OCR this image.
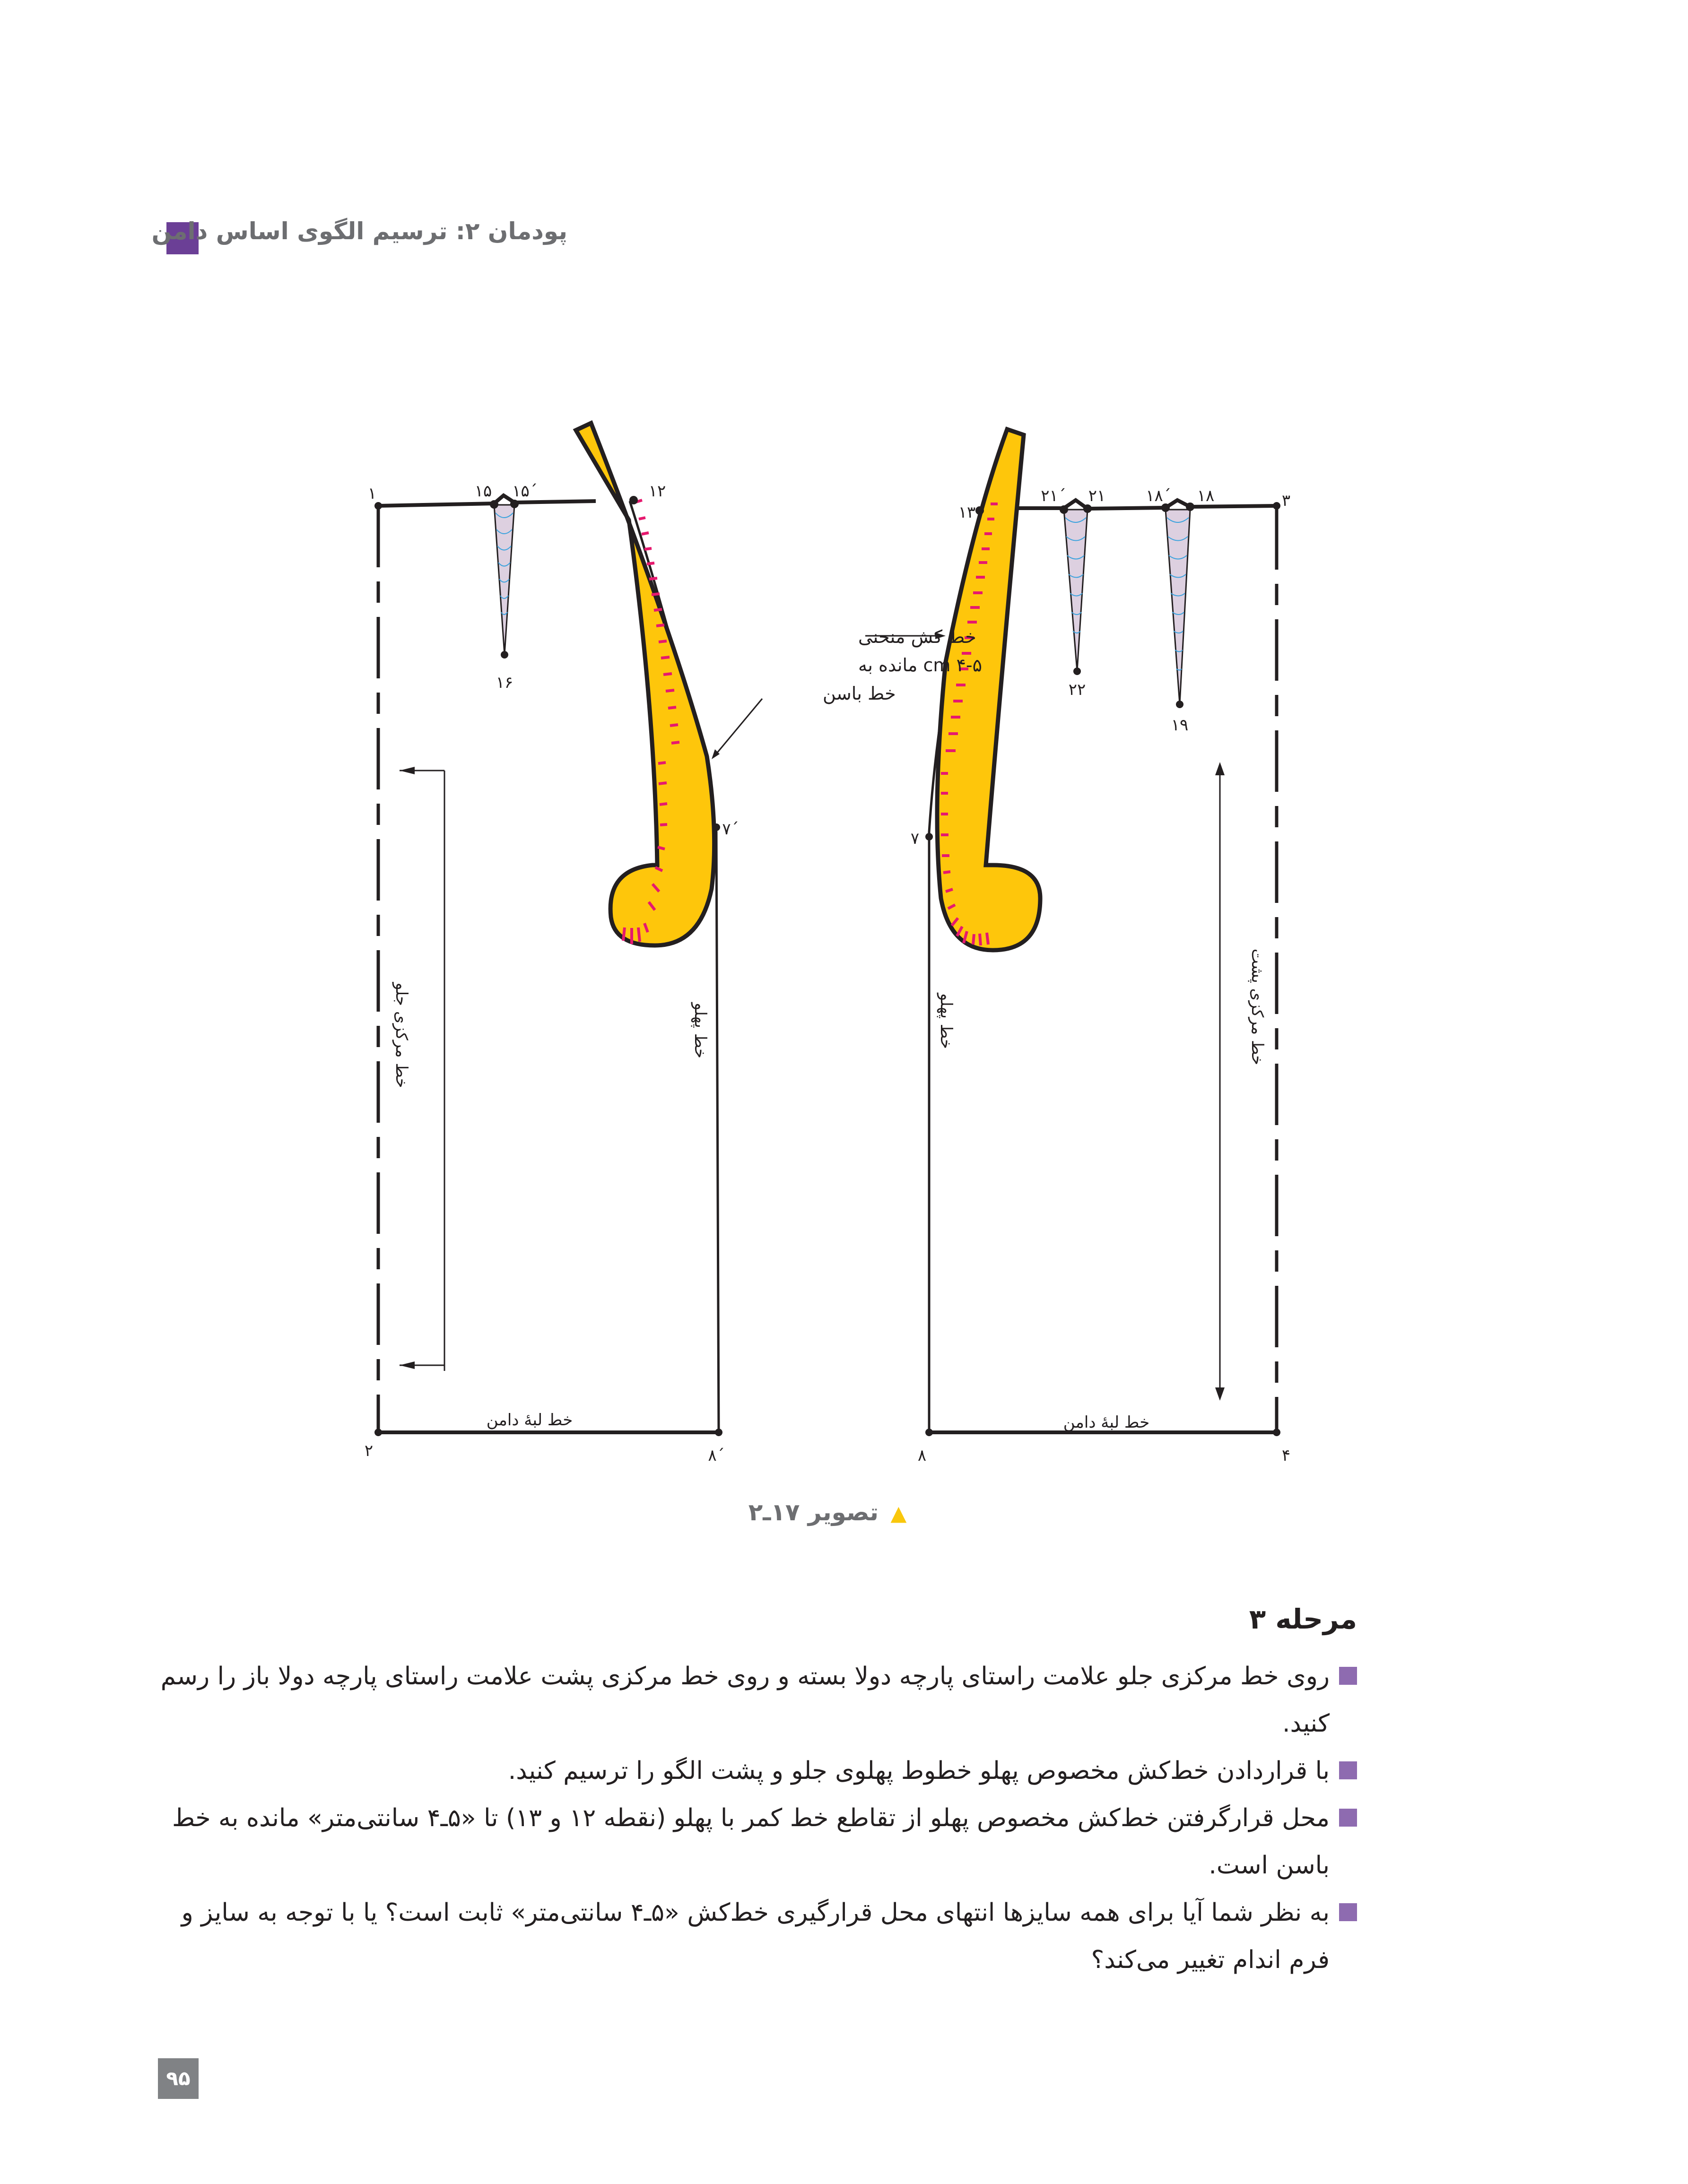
پودمان ۲: ترسیم الگوی اساس دامن
۱	۱۵ ۱۵΄	۱۲
۱۶
۷΄
۲	۸΄
خط لبهٔ دامن
خط مرکزی جلو	خط پهلو
۱۳
۲۱΄ ۲۱ ۱۸΄ ۱۸	۳
۲۲
۱۹
۷
۸	۴
خط لبهٔ دامن
خط مرکزی پشت
خط پهلو
خط کش منحنی
۴-۵ cm مانده به
خط باسن
▲ تصویر ۱۷ـ۲
مرحله ۳
روی خط مرکزی جلو علامت راستای پارچه دولا بسته و روی خط مرکزی پشت علامت راستای پارچه دولا باز را رسم کنید.
با قراردادن خط‌کش مخصوص پهلو خطوط پهلوی جلو و پشت الگو را ترسیم کنید.
محل قرارگرفتن خط‌کش مخصوص پهلو از تقاطع خط کمر با پهلو (نقطه ۱۲ و ۱۳) تا «۵ـ۴ سانتی‌متر» مانده به خط باسن است.
به نظر شما آیا برای همه سایزها انتهای محل قرارگیری خط‌کش «۵ـ۴ سانتی‌متر» ثابت است؟ یا با توجه به سایز و فرم اندام تغییر می‌کند؟
۹۵
